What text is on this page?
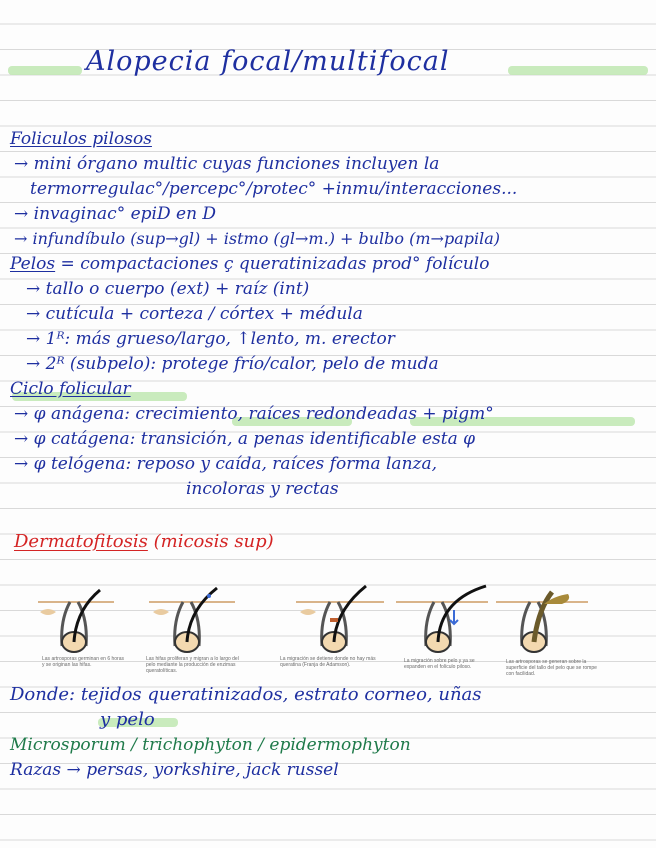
Alopecia focal/multifocal
Foliculos pilosos
→ mini órgano multic cuyas funciones incluyen la
termorregulac°/percepc°/protec° +inmu/interacciones...
→ invaginac° epiD en D
→ infundíbulo (sup→gl) + istmo (gl→m.) + bulbo (m→papila)
Pelos = compactaciones ç queratinizadas prod° folículo
→ tallo o cuerpo (ext) + raíz (int)
→ cutícula + corteza / córtex + médula
→ 1ᴿ: más grueso/largo, ↑lento, m. erector
→ 2ᴿ (subpelo): protege frío/calor, pelo de muda
Ciclo folicular
→ φ anágena: crecimiento, raíces redondeadas + pigm°
→ φ catágena: transición, a penas identificable esta φ
→ φ telógena: reposo y caída, raíces forma lanza,
incoloras y rectas
Dermatofitosis (micosis sup)
Las artrosporas germinan en 6 horas y se originan las hifas.
Las hifas proliferan y migran a lo largo del pelo mediante la producción de enzimas queratolíticas.
La migración se detiene donde no hay más queratina (Franja de Adamson).
La migración sobre pelo y ya se expanden en el folículo piloso.
Las artrosporas se generan sobre la superficie del tallo del pelo que se rompe con facilidad.
Donde: tejidos queratinizados, estrato corneo, uñas
y pelo
Microsporum / trichophyton / epidermophyton
Razas → persas, yorkshire, jack russel
